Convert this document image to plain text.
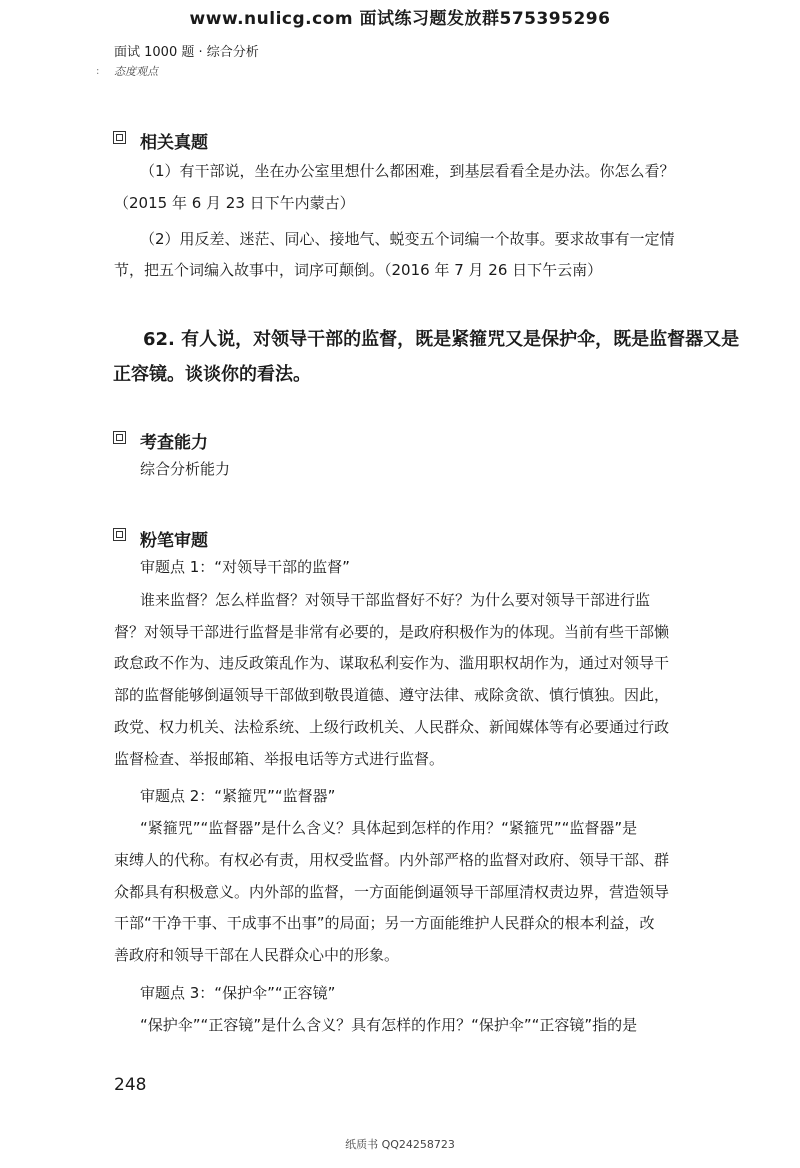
www.nulicg.com 面试练习题发放群575395296
面试 1000 题 · 综合分析
: 态度观点
相关真题
（1）有干部说，坐在办公室里想什么都困难，到基层看看全是办法。你怎么看？
（2015 年 6 月 23 日下午内蒙古）
（2）用反差、迷茫、同心、接地气、蜕变五个词编一个故事。要求故事有一定情
节，把五个词编入故事中，词序可颠倒。（2016 年 7 月 26 日下午云南）
62. 有人说，对领导干部的监督，既是紧箍咒又是保护伞，既是监督器又是
正容镜。谈谈你的看法。
考查能力
综合分析能力
粉笔审题
审题点 1：“对领导干部的监督”
谁来监督？怎么样监督？对领导干部监督好不好？为什么要对领导干部进行监
督？对领导干部进行监督是非常有必要的，是政府积极作为的体现。当前有些干部懒
政怠政不作为、违反政策乱作为、谋取私利妄作为、滥用职权胡作为，通过对领导干
部的监督能够倒逼领导干部做到敬畏道德、遵守法律、戒除贪欲、慎行慎独。因此，
政党、权力机关、法检系统、上级行政机关、人民群众、新闻媒体等有必要通过行政
监督检查、举报邮箱、举报电话等方式进行监督。
审题点 2：“紧箍咒”“监督器”
“紧箍咒”“监督器”是什么含义？具体起到怎样的作用？“紧箍咒”“监督器”是
束缚人的代称。有权必有责，用权受监督。内外部严格的监督对政府、领导干部、群
众都具有积极意义。内外部的监督，一方面能倒逼领导干部厘清权责边界，营造领导
干部“干净干事、干成事不出事”的局面；另一方面能维护人民群众的根本利益，改
善政府和领导干部在人民群众心中的形象。
审题点 3：“保护伞”“正容镜”
“保护伞”“正容镜”是什么含义？具有怎样的作用？“保护伞”“正容镜”指的是
248
纸质书 QQ24258723
